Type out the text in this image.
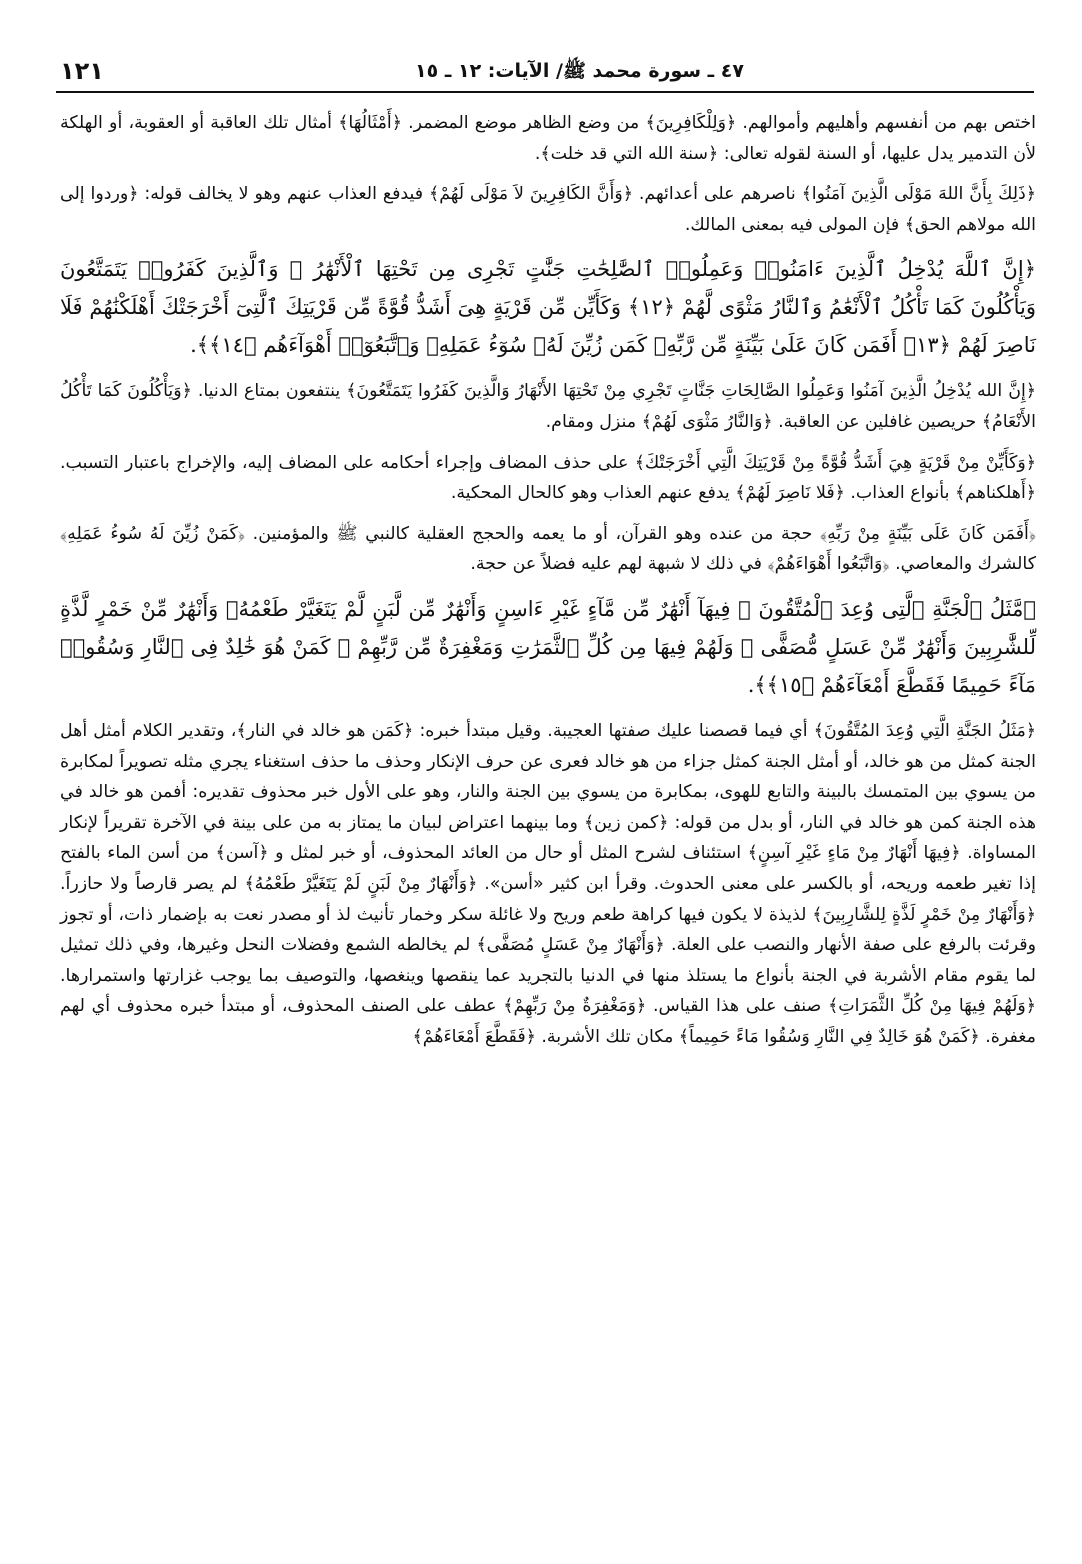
١٢١	٤٧ ـ سورة محمد ﷺ/ الآيات: ١٢ ـ ١٥

اختص بهم من أنفسهم وأهليهم وأموالهم. ﴿وَلِلْكَافِرِينَ﴾ من وضع الظاهر موضع المضمر. ﴿أَمْثَالُهَا﴾ أمثال تلك العاقبة أو العقوبة، أو الهلكة لأن التدمير يدل عليها، أو السنة لقوله تعالى: ﴿سنة الله التي قد خلت﴾.

﴿ذَلِكَ بِأَنَّ اللهَ مَوْلَى الَّذِينَ آمَنُوا﴾ ناصرهم على أعدائهم. ﴿وَأَنَّ الكَافِرِينَ لاَ مَوْلَى لَهُمْ﴾ فيدفع العذاب عنهم وهو لا يخالف قوله: ﴿وردوا إلى الله مولاهم الحق﴾ فإن المولى فيه بمعنى المالك.

﴿إِنَّ ٱللَّهَ يُدْخِلُ ٱلَّذِينَ ءَامَنُوا۟ وَعَمِلُوا۟ ٱلصَّٰلِحَٰتِ جَنَّٰتٍ تَجْرِى مِن تَحْتِهَا ٱلْأَنْهَٰرُ ۖ وَٱلَّذِينَ كَفَرُوا۟ يَتَمَتَّعُونَ وَيَأْكُلُونَ كَمَا تَأْكُلُ ٱلْأَنْعَٰمُ وَٱلنَّارُ مَثْوًى لَّهُمْ ﴿١٢﴾ وَكَأَيِّن مِّن قَرْيَةٍ هِىَ أَشَدُّ قُوَّةً مِّن قَرْيَتِكَ ٱلَّتِىٓ أَخْرَجَتْكَ أَهْلَكْنَٰهُمْ فَلَا نَاصِرَ لَهُمْ ﴿١٣﴾ أَفَمَن كَانَ عَلَىٰ بَيِّنَةٍ مِّن رَّبِّهِۦ كَمَن زُيِّنَ لَهُۥ سُوٓءُ عَمَلِهِۦ وَٱتَّبَعُوٓا۟ أَهْوَآءَهُم ﴿١٤﴾﴾.

﴿إِنَّ الله يُدْخِلُ الَّذِينَ آمَنُوا وَعَمِلُوا الصَّالِحَاتِ جَنَّاتٍ تَجْرِي مِنْ تَحْتِهَا الأَنْهَارُ وَالَّذِينَ كَفَرُوا يَتَمَتَّعُونَ﴾ ينتفعون بمتاع الدنيا. ﴿وَيَأْكُلُونَ كَمَا تَأْكُلُ الأَنْعَامُ﴾ حريصين غافلين عن العاقبة. ﴿وَالنَّارُ مَثْوَى لَهُمْ﴾ منزل ومقام.

﴿وَكَأَيِّنْ مِنْ قَرْيَةٍ هِيَ أَشَدُّ قُوَّةً مِنْ قَرْيَتِكَ الَّتِي أَخْرَجَتْكَ﴾ على حذف المضاف وإجراء أحكامه على المضاف إليه، والإخراج باعتبار التسبب. ﴿أَهلكناهم﴾ بأنواع العذاب. ﴿فَلا نَاصِرَ لَهُمْ﴾ يدفع عنهم العذاب وهو كالحال المحكية.

﴿أَفَمَن كَانَ عَلَى بَيِّنَةٍ مِنْ رَبِّهِ﴾ حجة من عنده وهو القرآن، أو ما يعمه والحجج العقلية كالنبي ﷺ والمؤمنين. ﴿كَمَنْ زُيِّنَ لَهُ سُوءُ عَمَلِهِ﴾ كالشرك والمعاصي. ﴿وَاتَّبَعُوا أَهْوَاءَهُمْ﴾ في ذلك لا شبهة لهم عليه فضلاً عن حجة.

﴿مَّثَلُ ٱلْجَنَّةِ ٱلَّتِى وُعِدَ ٱلْمُتَّقُونَ ۖ فِيهَآ أَنْهَٰرٌ مِّن مَّآءٍ غَيْرِ ءَاسِنٍ وَأَنْهَٰرٌ مِّن لَّبَنٍ لَّمْ يَتَغَيَّرْ طَعْمُهُۥ وَأَنْهَٰرٌ مِّنْ خَمْرٍ لَّذَّةٍ لِّلشَّٰرِبِينَ وَأَنْهَٰرٌ مِّنْ عَسَلٍ مُّصَفًّى ۖ وَلَهُمْ فِيهَا مِن كُلِّ ٱلثَّمَرَٰتِ وَمَغْفِرَةٌ مِّن رَّبِّهِمْ ۖ كَمَنْ هُوَ خَٰلِدٌ فِى ٱلنَّارِ وَسُقُوا۟ مَآءً حَمِيمًا فَقَطَّعَ أَمْعَآءَهُمْ ﴿١٥﴾﴾.

﴿مَثَلُ الجَنَّةِ الَّتِي وُعِدَ المُتَّقُونَ﴾ أي فيما قصصنا عليك صفتها العجيبة. وقيل مبتدأ خبره: ﴿كَمَن هو خالد في النار﴾، وتقدير الكلام أمثل أهل الجنة كمثل من هو خالد، أو أمثل الجنة كمثل جزاء من هو خالد فعرى عن حرف الإنكار وحذف ما حذف استغناء يجري مثله تصويراً لمكابرة من يسوي بين المتمسك بالبينة والتابع للهوى، بمكابرة من يسوي بين الجنة والنار، وهو على الأول خبر محذوف تقديره: أفمن هو خالد في هذه الجنة كمن هو خالد في النار، أو بدل من قوله: ﴿كمن زين﴾ وما بينهما اعتراض لبيان ما يمتاز به من على بينة في الآخرة تقريراً لإنكار المساواة. ﴿فِيهَا أَنْهَارٌ مِنْ مَاءٍ غَيْرِ آسِنٍ﴾ استئناف لشرح المثل أو حال من العائد المحذوف، أو خبر لمثل و ﴿آسن﴾ من أسن الماء بالفتح إذا تغير طعمه وريحه، أو بالكسر على معنى الحدوث. وقرأ ابن كثير «أسن». ﴿وَأَنْهَارٌ مِنْ لَبَنٍ لَمْ يَتَغَيَّرْ طَعْمُهُ﴾ لم يصر قارصاً ولا حازراً. ﴿وَأَنْهَارٌ مِنْ خَمْرٍ لَذَّةٍ لِلشَّارِبِينَ﴾ لذيذة لا يكون فيها كراهة طعم وريح ولا غائلة سكر وخمار تأنيث لذ أو مصدر نعت به بإضمار ذات، أو تجوز وقرئت بالرفع على صفة الأنهار والنصب على العلة. ﴿وَأَنْهَارٌ مِنْ عَسَلٍ مُصَفَّى﴾ لم يخالطه الشمع وفضلات النحل وغيرها، وفي ذلك تمثيل لما يقوم مقام الأشربة في الجنة بأنواع ما يستلذ منها في الدنيا بالتجريد عما ينقصها وينغصها، والتوصيف بما يوجب غزارتها واستمرارها. ﴿وَلَهُمْ فِيهَا مِنْ كُلِّ الثَّمَرَاتِ﴾ صنف على هذا القياس. ﴿وَمَغْفِرَةٌ مِنْ رَبِّهِمْ﴾ عطف على الصنف المحذوف، أو مبتدأ خبره محذوف أي لهم مغفرة. ﴿كَمَنْ هُوَ خَالِدٌ فِي النَّارِ وَسُقُوا مَاءً حَمِيماً﴾ مكان تلك الأشربة. ﴿فَقَطَّعَ أَمْعَاءَهُمْ﴾
